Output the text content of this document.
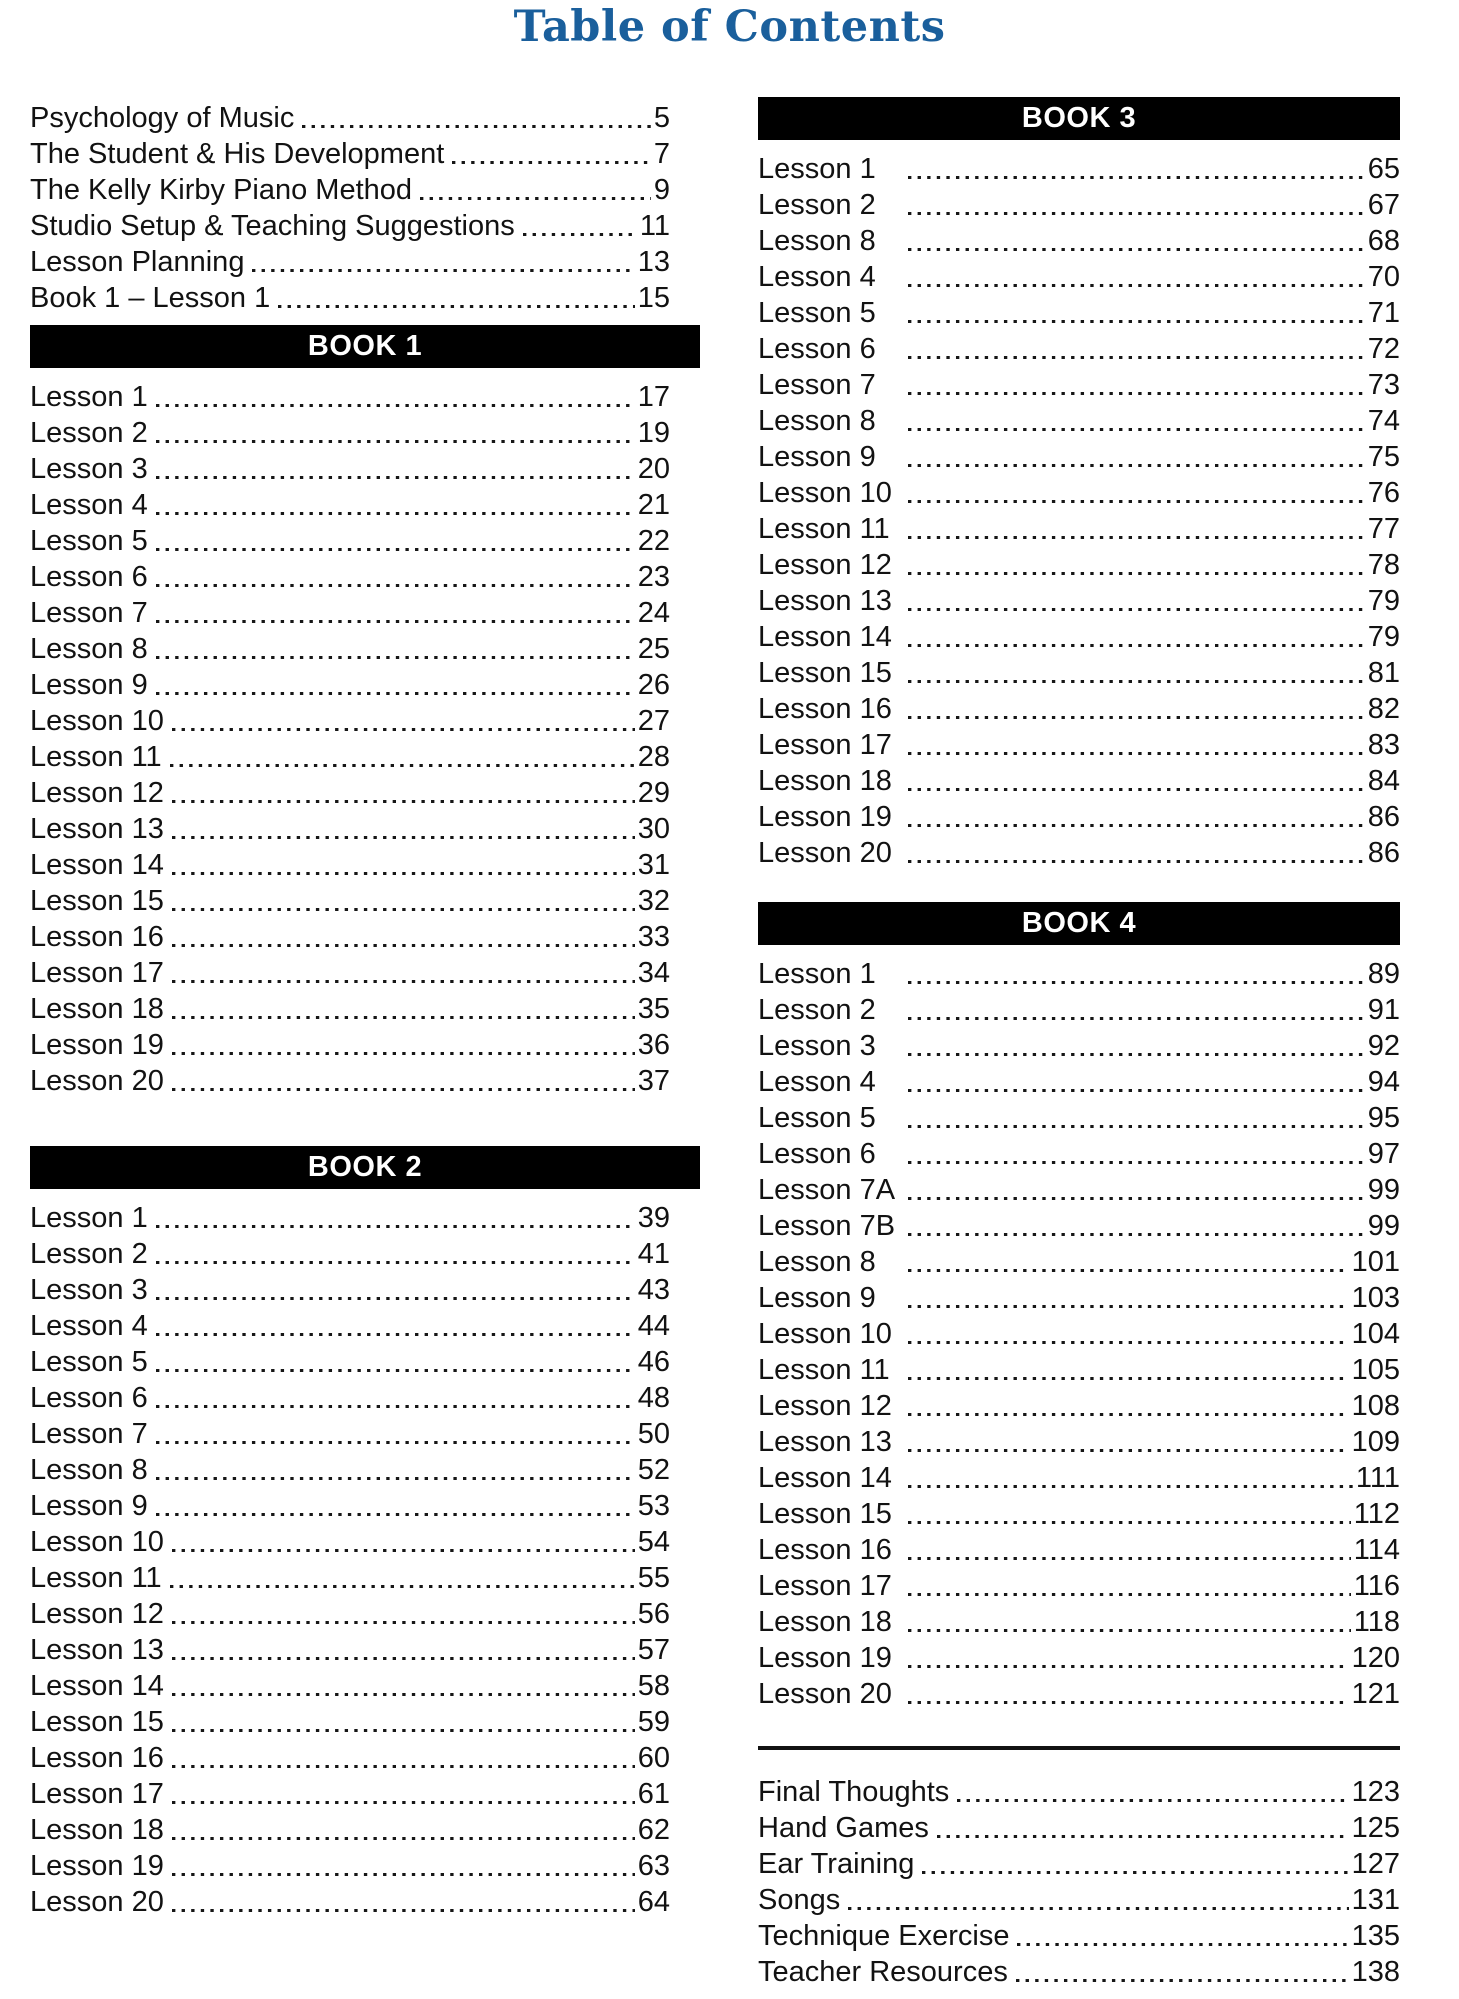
Table of Contents
Psychology of Music	5
The Student & His Development	7
The Kelly Kirby Piano Method	9
Studio Setup & Teaching Suggestions	11
Lesson Planning	13
Book 1 – Lesson 1	15
BOOK 1
Lesson 1	17
Lesson 2	19
Lesson 3	20
Lesson 4	21
Lesson 5	22
Lesson 6	23
Lesson 7	24
Lesson 8	25
Lesson 9	26
Lesson 10	27
Lesson 11	28
Lesson 12	29
Lesson 13	30
Lesson 14	31
Lesson 15	32
Lesson 16	33
Lesson 17	34
Lesson 18	35
Lesson 19	36
Lesson 20	37
BOOK 2
Lesson 1	39
Lesson 2	41
Lesson 3	43
Lesson 4	44
Lesson 5	46
Lesson 6	48
Lesson 7	50
Lesson 8	52
Lesson 9	53
Lesson 10	54
Lesson 11	55
Lesson 12	56
Lesson 13	57
Lesson 14	58
Lesson 15	59
Lesson 16	60
Lesson 17	61
Lesson 18	62
Lesson 19	63
Lesson 20	64
BOOK 3
Lesson 1	65
Lesson 2	67
Lesson 8	68
Lesson 4	70
Lesson 5	71
Lesson 6	72
Lesson 7	73
Lesson 8	74
Lesson 9	75
Lesson 10	76
Lesson 11	77
Lesson 12	78
Lesson 13	79
Lesson 14	79
Lesson 15	81
Lesson 16	82
Lesson 17	83
Lesson 18	84
Lesson 19	86
Lesson 20	86
BOOK 4
Lesson 1	89
Lesson 2	91
Lesson 3	92
Lesson 4	94
Lesson 5	95
Lesson 6	97
Lesson 7A	99
Lesson 7B	99
Lesson 8	101
Lesson 9	103
Lesson 10	104
Lesson 11	105
Lesson 12	108
Lesson 13	109
Lesson 14	111
Lesson 15	112
Lesson 16	114
Lesson 17	116
Lesson 18	118
Lesson 19	120
Lesson 20	121
Final Thoughts	123
Hand Games	125
Ear Training	127
Songs	131
Technique Exercise	135
Teacher Resources	138
